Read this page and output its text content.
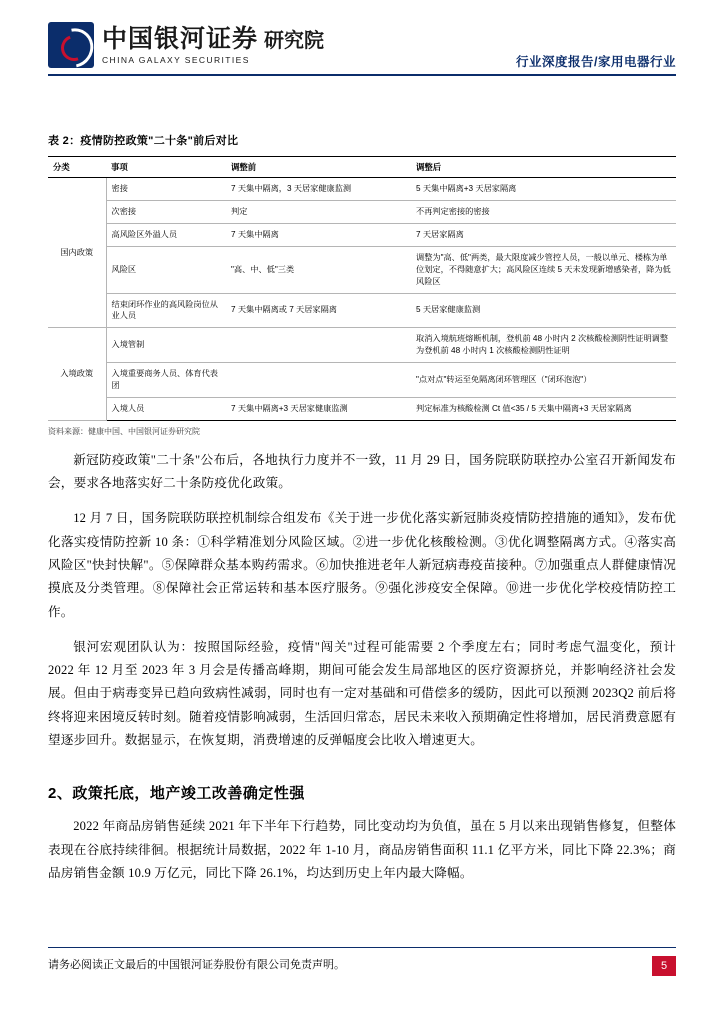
中国银河证券 研究院
CHINA GALAXY SECURITIES	行业深度报告/家用电器行业
表 2：疫情防控政策"二十条"前后对比
分类	事项	调整前	调整后
国内政策	密接	7 天集中隔离，3 天居家健康监测	5 天集中隔离+3 天居家隔离
	次密接	判定	不再判定密接的密接
	高风险区外溢人员	7 天集中隔离	7 天居家隔离
	风险区	"高、中、低"三类	调整为"高、低"两类，最大限度减少管控人员，一般以单元、楼栋为单位划定，不得随意扩大；高风险区连续 5 天未发现新增感染者，降为低风险区
	结束闭环作业的高风险岗位从业人员	7 天集中隔离或 7 天居家隔离	5 天居家健康监测
入境政策	入境管制		取消入境航班熔断机制，登机前 48 小时内 2 次核酸检测阴性证明调整为登机前 48 小时内 1 次核酸检测阴性证明
	入境重要商务人员、体育代表团		"点对点"转运至免隔离闭环管理区（"闭环泡泡"）
	入境人员	7 天集中隔离+3 天居家健康监测	判定标准为核酸检测 Ct 值<35 / 5 天集中隔离+3 天居家隔离
资料来源：健康中国、中国银河证券研究院

新冠防疫政策"二十条"公布后，各地执行力度并不一致，11 月 29 日，国务院联防联控办公室召开新闻发布会，要求各地落实好二十条防疫优化政策。

12 月 7 日，国务院联防联控机制综合组发布《关于进一步优化落实新冠肺炎疫情防控措施的通知》，发布优化落实疫情防控新 10 条：①科学精准划分风险区域。②进一步优化核酸检测。③优化调整隔离方式。④落实高风险区"快封快解"。⑤保障群众基本购药需求。⑥加快推进老年人新冠病毒疫苗接种。⑦加强重点人群健康情况摸底及分类管理。⑧保障社会正常运转和基本医疗服务。⑨强化涉疫安全保障。⑩进一步优化学校疫情防控工作。

银河宏观团队认为：按照国际经验，疫情"闯关"过程可能需要 2 个季度左右；同时考虑气温变化，预计 2022 年 12 月至 2023 年 3 月会是传播高峰期，期间可能会发生局部地区的医疗资源挤兑，并影响经济社会发展。但由于病毒变异已趋向致病性减弱，同时也有一定对基础和可借偿多的缓防，因此可以预测 2023Q2 前后将终将迎来困境反转时刻。随着疫情影响减弱，生活回归常态，居民未来收入预期确定性将增加，居民消费意愿有望逐步回升。数据显示，在恢复期，消费增速的反弹幅度会比收入增速更大。

2、政策托底，地产竣工改善确定性强

2022 年商品房销售延续 2021 年下半年下行趋势，同比变动均为负值，虽在 5 月以来出现销售修复，但整体表现在谷底持续徘徊。根据统计局数据，2022 年 1-10 月，商品房销售面积 11.1 亿平方米，同比下降 22.3%；商品房销售金额 10.9 万亿元，同比下降 26.1%，均达到历史上年内最大降幅。

请务必阅读正文最后的中国银河证券股份有限公司免责声明。	5
